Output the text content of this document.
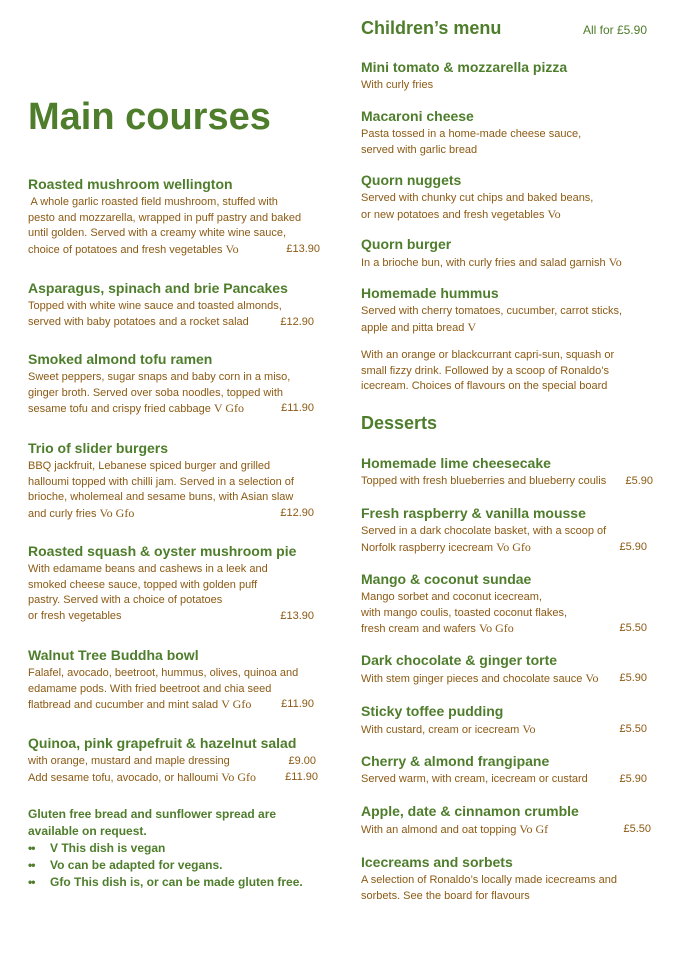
Main courses
Roasted mushroom wellington
A whole garlic roasted field mushroom, stuffed with
pesto and mozzarella, wrapped in puff pastry and baked
until golden. Served with a creamy white wine sauce,
choice of potatoes and fresh vegetables Vo	£13.90
Asparagus, spinach and brie Pancakes
Topped with white wine sauce and toasted almonds,
served with baby potatoes and a rocket salad	£12.90
Smoked almond tofu ramen
Sweet peppers, sugar snaps and baby corn in a miso,
ginger broth. Served over soba noodles, topped with
sesame tofu and crispy fried cabbage V Gfo	£11.90
Trio of slider burgers
BBQ jackfruit, Lebanese spiced burger and grilled
halloumi topped with chilli jam. Served in a selection of
brioche, wholemeal and sesame buns, with Asian slaw
and curly fries Vo Gfo	£12.90
Roasted squash & oyster mushroom pie
With edamame beans and cashews in a leek and
smoked cheese sauce, topped with golden puff
pastry. Served with a choice of potatoes
or fresh vegetables	£13.90
Walnut Tree Buddha bowl
Falafel, avocado, beetroot, hummus, olives, quinoa and
edamame pods. With fried beetroot and chia seed
flatbread and cucumber and mint salad V Gfo	£11.90
Quinoa, pink grapefruit & hazelnut salad
with orange, mustard and maple dressing	£9.00
Add sesame tofu, avocado, or halloumi Vo Gfo	£11.90
Gluten free bread and sunflower spread are
available on request.
••	V This dish is vegan
••	Vo can be adapted for vegans.
••	Gfo This dish is, or can be made gluten free.
Children’s menu	All for £5.90
Mini tomato & mozzarella pizza
With curly fries
Macaroni cheese
Pasta tossed in a home-made cheese sauce,
served with garlic bread
Quorn nuggets
Served with chunky cut chips and baked beans,
or new potatoes and fresh vegetables Vo
Quorn burger
In a brioche bun, with curly fries and salad garnish Vo
Homemade hummus
Served with cherry tomatoes, cucumber, carrot sticks,
apple and pitta bread V
With an orange or blackcurrant capri-sun, squash or
small fizzy drink. Followed by a scoop of Ronaldo’s
icecream. Choices of flavours on the special board
Desserts
Homemade lime cheesecake
Topped with fresh blueberries and blueberry coulis £5.90
Fresh raspberry & vanilla mousse
Served in a dark chocolate basket, with a scoop of
Norfolk raspberry icecream Vo Gfo	£5.90
Mango & coconut sundae
Mango sorbet and coconut icecream,
with mango coulis, toasted coconut flakes,
fresh cream and wafers Vo Gfo	£5.50
Dark chocolate & ginger torte
With stem ginger pieces and chocolate sauce Vo £5.90
Sticky toffee pudding
With custard, cream or icecream Vo	£5.50
Cherry & almond frangipane
Served warm, with cream, icecream or custard	£5.90
Apple, date & cinnamon crumble
With an almond and oat topping Vo Gf	£5.50
Icecreams and sorbets
A selection of Ronaldo’s locally made icecreams and
sorbets. See the board for flavours
